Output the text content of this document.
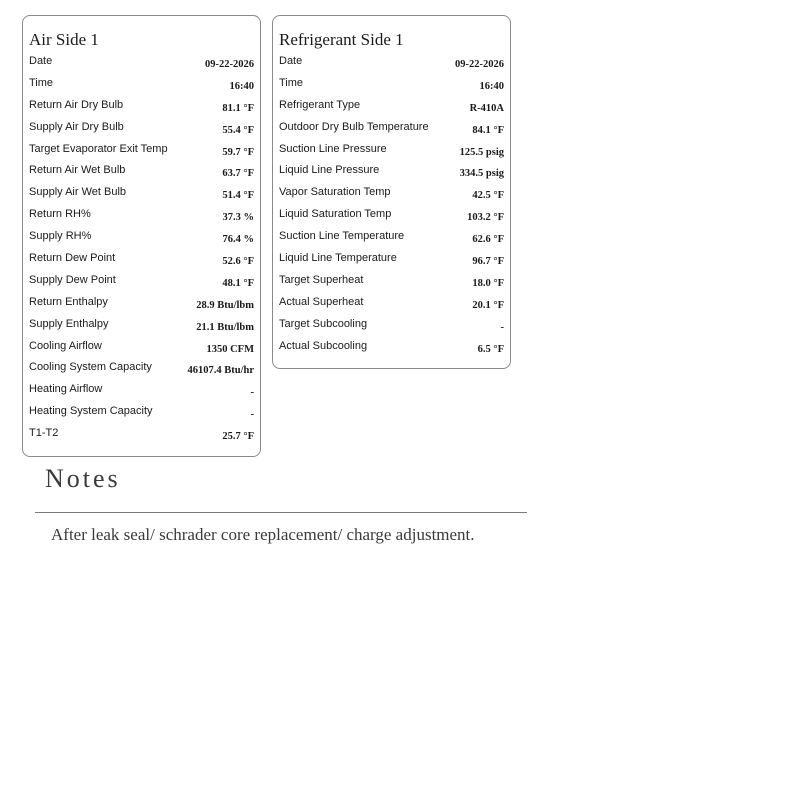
Air Side 1
Date	09-22-2026
Time	16:40
Return Air Dry Bulb	81.1 °F
Supply Air Dry Bulb	55.4 °F
Target Evaporator Exit Temp	59.7 °F
Return Air Wet Bulb	63.7 °F
Supply Air Wet Bulb	51.4 °F
Return RH%	37.3 %
Supply RH%	76.4 %
Return Dew Point	52.6 °F
Supply Dew Point	48.1 °F
Return Enthalpy	28.9 Btu/lbm
Supply Enthalpy	21.1 Btu/lbm
Cooling Airflow	1350 CFM
Cooling System Capacity	46107.4 Btu/hr
Heating Airflow	-
Heating System Capacity	-
T1-T2	25.7 °F
Refrigerant Side 1
Date	09-22-2026
Time	16:40
Refrigerant Type	R-410A
Outdoor Dry Bulb Temperature	84.1 °F
Suction Line Pressure	125.5 psig
Liquid Line Pressure	334.5 psig
Vapor Saturation Temp	42.5 °F
Liquid Saturation Temp	103.2 °F
Suction Line Temperature	62.6 °F
Liquid Line Temperature	96.7 °F
Target Superheat	18.0 °F
Actual Superheat	20.1 °F
Target Subcooling	-
Actual Subcooling	6.5 °F
Notes
After leak seal/ schrader core replacement/ charge adjustment.
